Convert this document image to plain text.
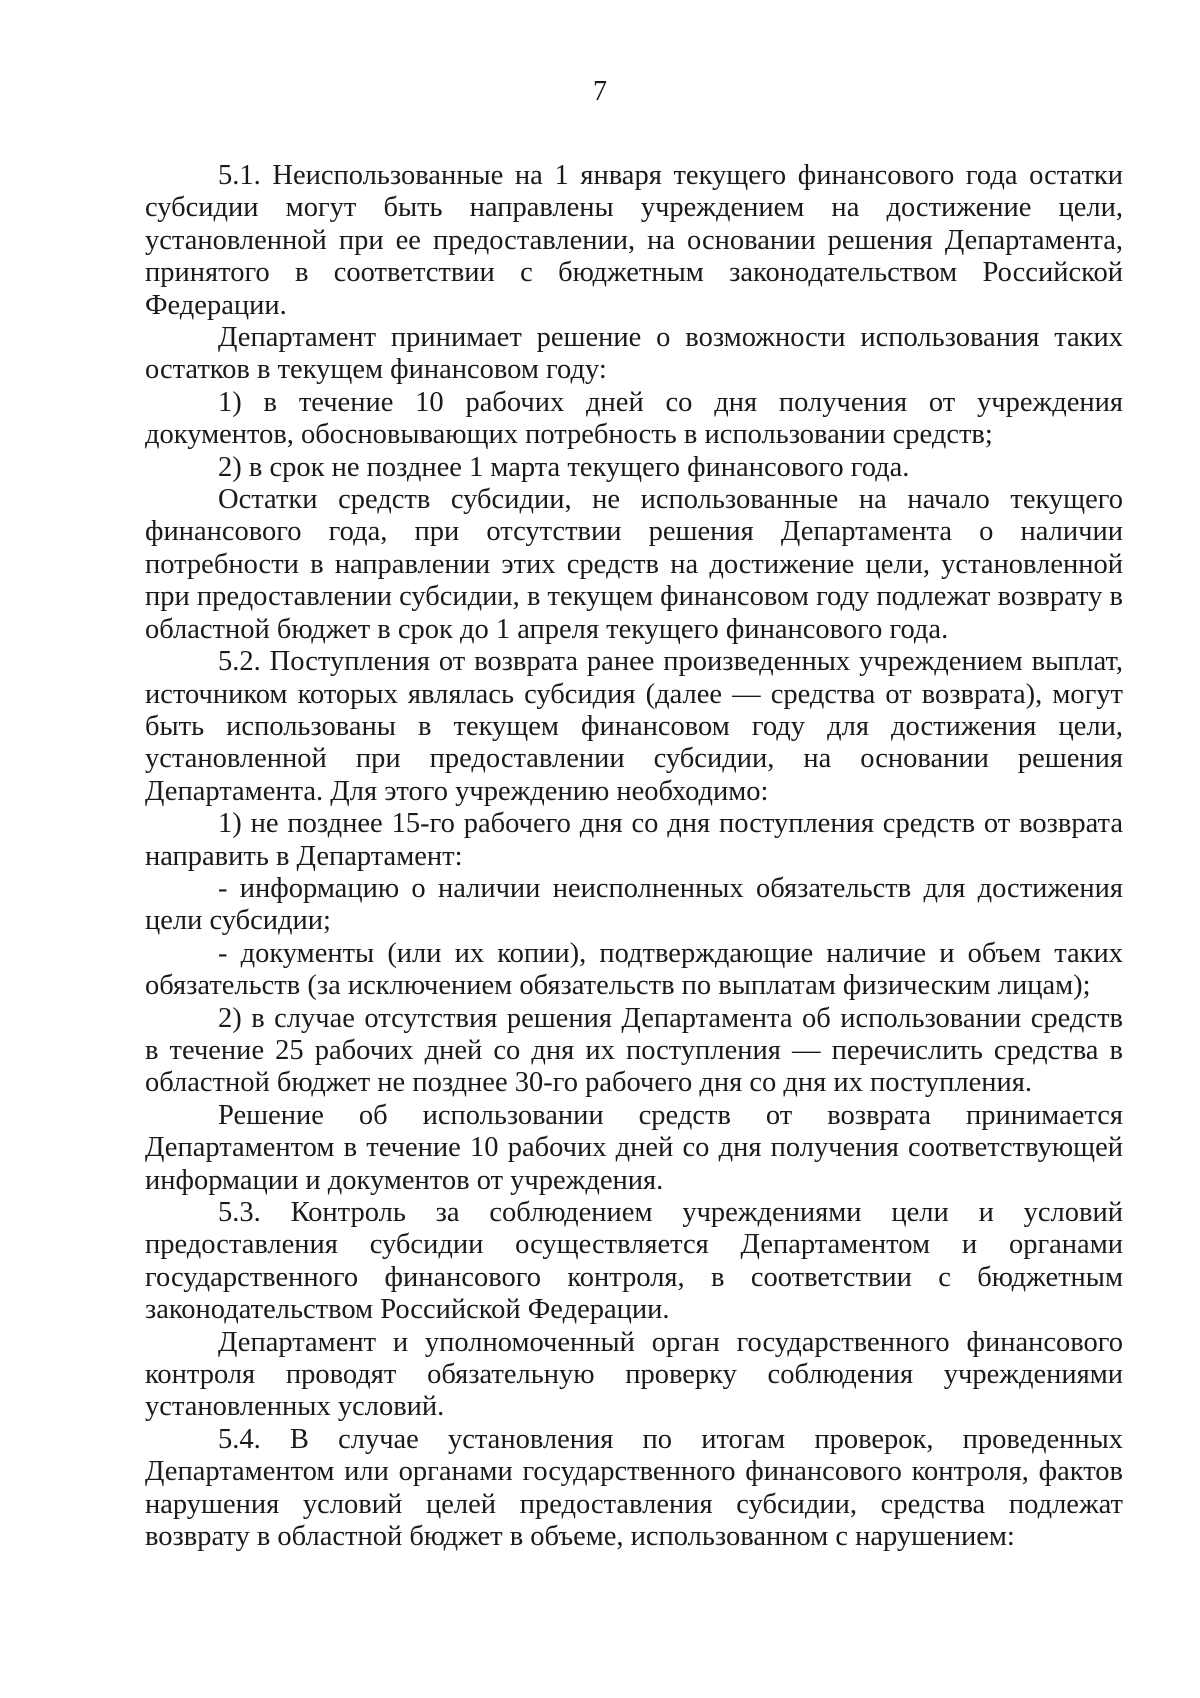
7

5.1. Неиспользованные на 1 января текущего финансового года остатки субсидии могут быть направлены учреждением на достижение цели, установленной при ее предоставлении, на основании решения Департамента, принятого в соответствии с бюджетным законодательством Российской Федерации.

Департамент принимает решение о возможности использования таких остатков в текущем финансовом году:

1) в течение 10 рабочих дней со дня получения от учреждения документов, обосновывающих потребность в использовании средств;

2) в срок не позднее 1 марта текущего финансового года.

Остатки средств субсидии, не использованные на начало текущего финансового года, при отсутствии решения Департамента о наличии потребности в направлении этих средств на достижение цели, установленной при предоставлении субсидии, в текущем финансовом году подлежат возврату в областной бюджет в срок до 1 апреля текущего финансового года.

5.2. Поступления от возврата ранее произведенных учреждением выплат, источником которых являлась субсидия (далее — средства от возврата), могут быть использованы в текущем финансовом году для достижения цели, установленной при предоставлении субсидии, на основании решения Департамента. Для этого учреждению необходимо:

1) не позднее 15-го рабочего дня со дня поступления средств от возврата направить в Департамент:

- информацию о наличии неисполненных обязательств для достижения цели субсидии;

- документы (или их копии), подтверждающие наличие и объем таких обязательств (за исключением обязательств по выплатам физическим лицам);

2) в случае отсутствия решения Департамента об использовании средств в течение 25 рабочих дней со дня их поступления — перечислить средства в областной бюджет не позднее 30-го рабочего дня со дня их поступления.

Решение об использовании средств от возврата принимается Департаментом в течение 10 рабочих дней со дня получения соответствующей информации и документов от учреждения.

5.3. Контроль за соблюдением учреждениями цели и условий предоставления субсидии осуществляется Департаментом и органами государственного финансового контроля, в соответствии с бюджетным законодательством Российской Федерации.

Департамент и уполномоченный орган государственного финансового контроля проводят обязательную проверку соблюдения учреждениями установленных условий.

5.4. В случае установления по итогам проверок, проведенных Департаментом или органами государственного финансового контроля, фактов нарушения условий целей предоставления субсидии, средства подлежат возврату в областной бюджет в объеме, использованном с нарушением:
